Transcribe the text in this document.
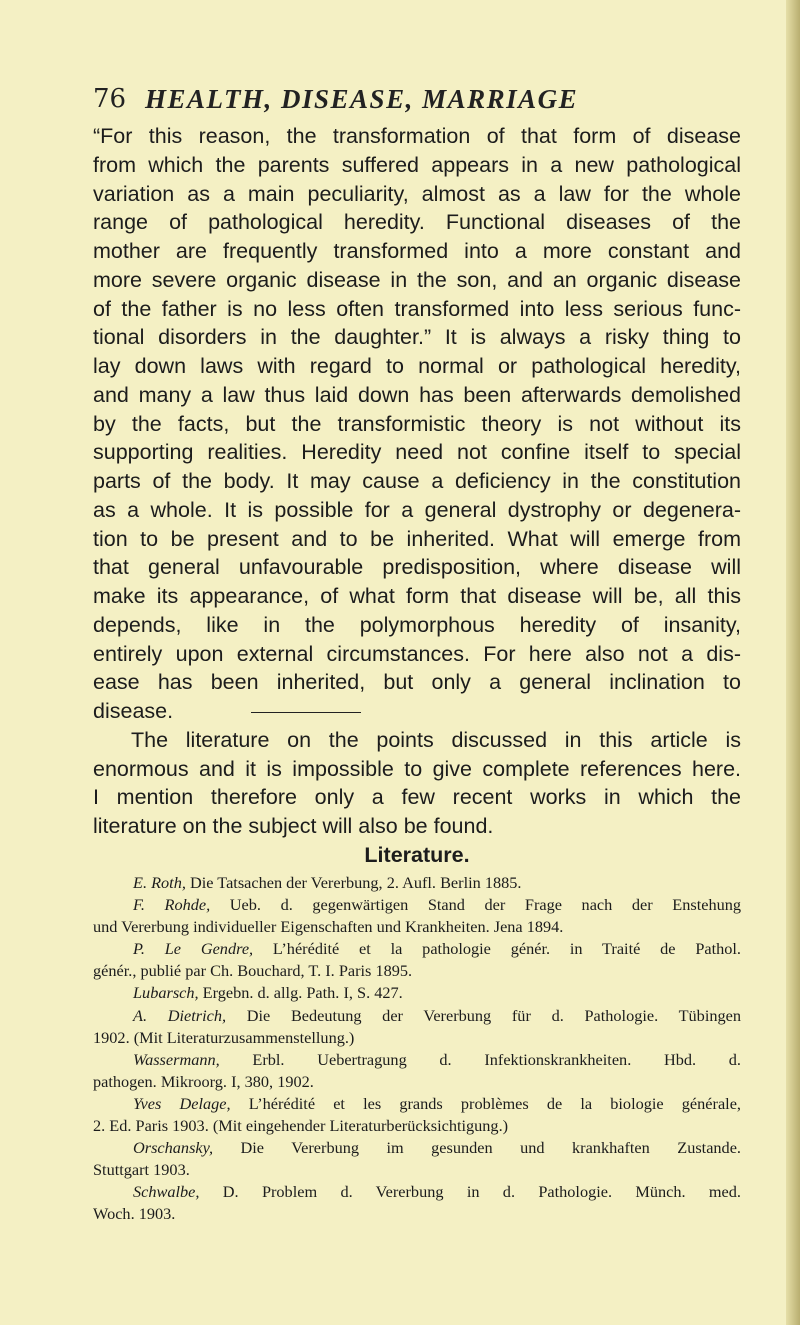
76 HEALTH, DISEASE, MARRIAGE
“For this reason, the transformation of that form of disease
from which the parents suffered appears in a new pathological
variation as a main peculiarity, almost as a law for the whole
range of pathological heredity. Functional diseases of the
mother are frequently transformed into a more constant and
more severe organic disease in the son, and an organic disease
of the father is no less often transformed into less serious func-
tional disorders in the daughter.” It is always a risky thing to
lay down laws with regard to normal or pathological heredity,
and many a law thus laid down has been afterwards demolished
by the facts, but the transformistic theory is not without its
supporting realities. Heredity need not confine itself to special
parts of the body. It may cause a deficiency in the constitution
as a whole. It is possible for a general dystrophy or degenera-
tion to be present and to be inherited. What will emerge from
that general unfavourable predisposition, where disease will
make its appearance, of what form that disease will be, all this
depends, like in the polymorphous heredity of insanity,
entirely upon external circumstances. For here also not a dis-
ease has been inherited, but only a general inclination to
disease.
The literature on the points discussed in this article is
enormous and it is impossible to give complete references here.
I mention therefore only a few recent works in which the
literature on the subject will also be found.
Literature.
E. Roth, Die Tatsachen der Vererbung, 2. Aufl. Berlin 1885.
F. Rohde, Ueb. d. gegenwärtigen Stand der Frage nach der Enstehung
und Vererbung individueller Eigenschaften und Krankheiten. Jena 1894.
P. Le Gendre, L’hérédité et la pathologie génér. in Traité de Pathol.
génér., publié par Ch. Bouchard, T. I. Paris 1895.
Lubarsch, Ergebn. d. allg. Path. I, S. 427.
A. Dietrich, Die Bedeutung der Vererbung für d. Pathologie. Tübingen
1902. (Mit Literaturzusammenstellung.)
Wassermann, Erbl. Uebertragung d. Infektionskrankheiten. Hbd. d.
pathogen. Mikroorg. I, 380, 1902.
Yves Delage, L’hérédité et les grands problèmes de la biologie générale,
2. Ed. Paris 1903. (Mit eingehender Literaturberücksichtigung.)
Orschansky, Die Vererbung im gesunden und krankhaften Zustande.
Stuttgart 1903.
Schwalbe, D. Problem d. Vererbung in d. Pathologie. Münch. med.
Woch. 1903.
